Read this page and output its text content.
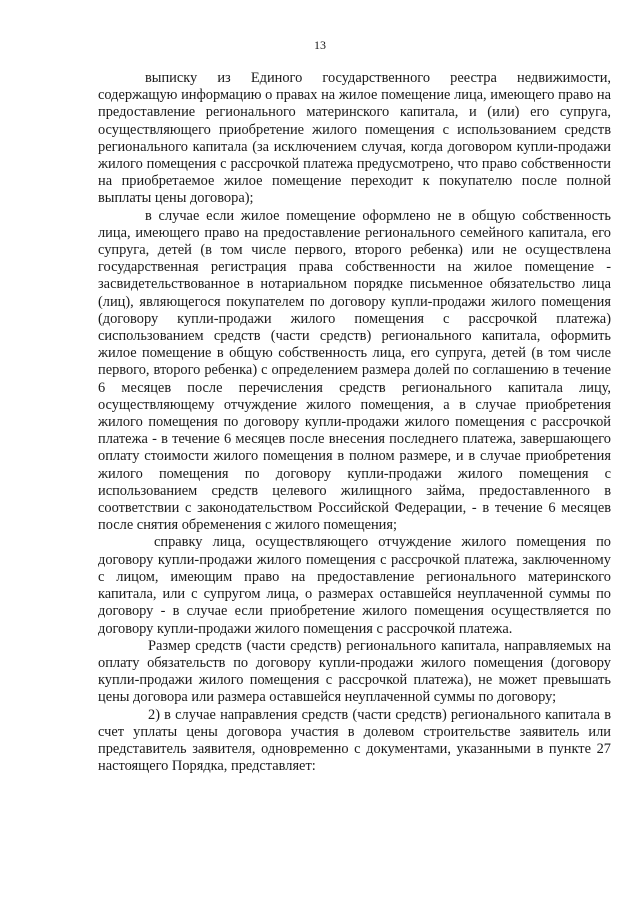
13

выписку из Единого государственного реестра недвижимости, содержащую информацию о правах на жилое помещение лица, имеющего право на предоставление регионального материнского капитала, и (или) его супруга, осуществляющего приобретение жилого помещения с использованием средств регионального капитала (за исключением случая, когда договором купли-продажи жилого помещения с рассрочкой платежа предусмотрено, что право собственности на приобретаемое жилое помещение переходит к покупателю после полной выплаты цены договора);

в случае если жилое помещение оформлено не в общую собственность лица, имеющего право на предоставление регионального семейного капитала, его супруга, детей (в том числе первого, второго ребенка) или не осуществлена государственная регистрация права собственности на жилое помещение - засвидетельствованное в нотариальном порядке письменное обязательство лица (лиц), являющегося покупателем по договору купли-продажи жилого помещения (договору купли-продажи жилого помещения с рассрочкой платежа) сиспользованием средств (части средств) регионального капитала, оформить жилое помещение в общую собственность лица, его супруга, детей (в том числе первого, второго ребенка) с определением размера долей по соглашению в течение 6 месяцев после перечисления средств регионального капитала лицу, осуществляющему отчуждение жилого помещения, а в случае приобретения жилого помещения по договору купли-продажи жилого помещения с рассрочкой платежа - в течение 6 месяцев после внесения последнего платежа, завершающего оплату стоимости жилого помещения в полном размере, и в случае приобретения жилого помещения по договору купли-продажи жилого помещения с использованием средств целевого жилищного займа, предоставленного в соответствии с законодательством Российской Федерации, - в течение 6 месяцев после снятия обременения с жилого помещения;

справку лица, осуществляющего отчуждение жилого помещения по договору купли-продажи жилого помещения с рассрочкой платежа, заключенному с лицом, имеющим право на предоставление регионального материнского капитала, или с супругом лица, о размерах оставшейся неуплаченной суммы по договору - в случае если приобретение жилого помещения осуществляется по договору купли-продажи жилого помещения с рассрочкой платежа.

Размер средств (части средств) регионального капитала, направляемых на оплату обязательств по договору купли-продажи жилого помещения (договору купли-продажи жилого помещения с рассрочкой платежа), не может превышать цены договора или размера оставшейся неуплаченной суммы по договору;

2) в случае направления средств (части средств) регионального капитала в счет уплаты цены договора участия в долевом строительстве заявитель или представитель заявителя, одновременно с документами, указанными в пункте 27 настоящего Порядка, представляет:
